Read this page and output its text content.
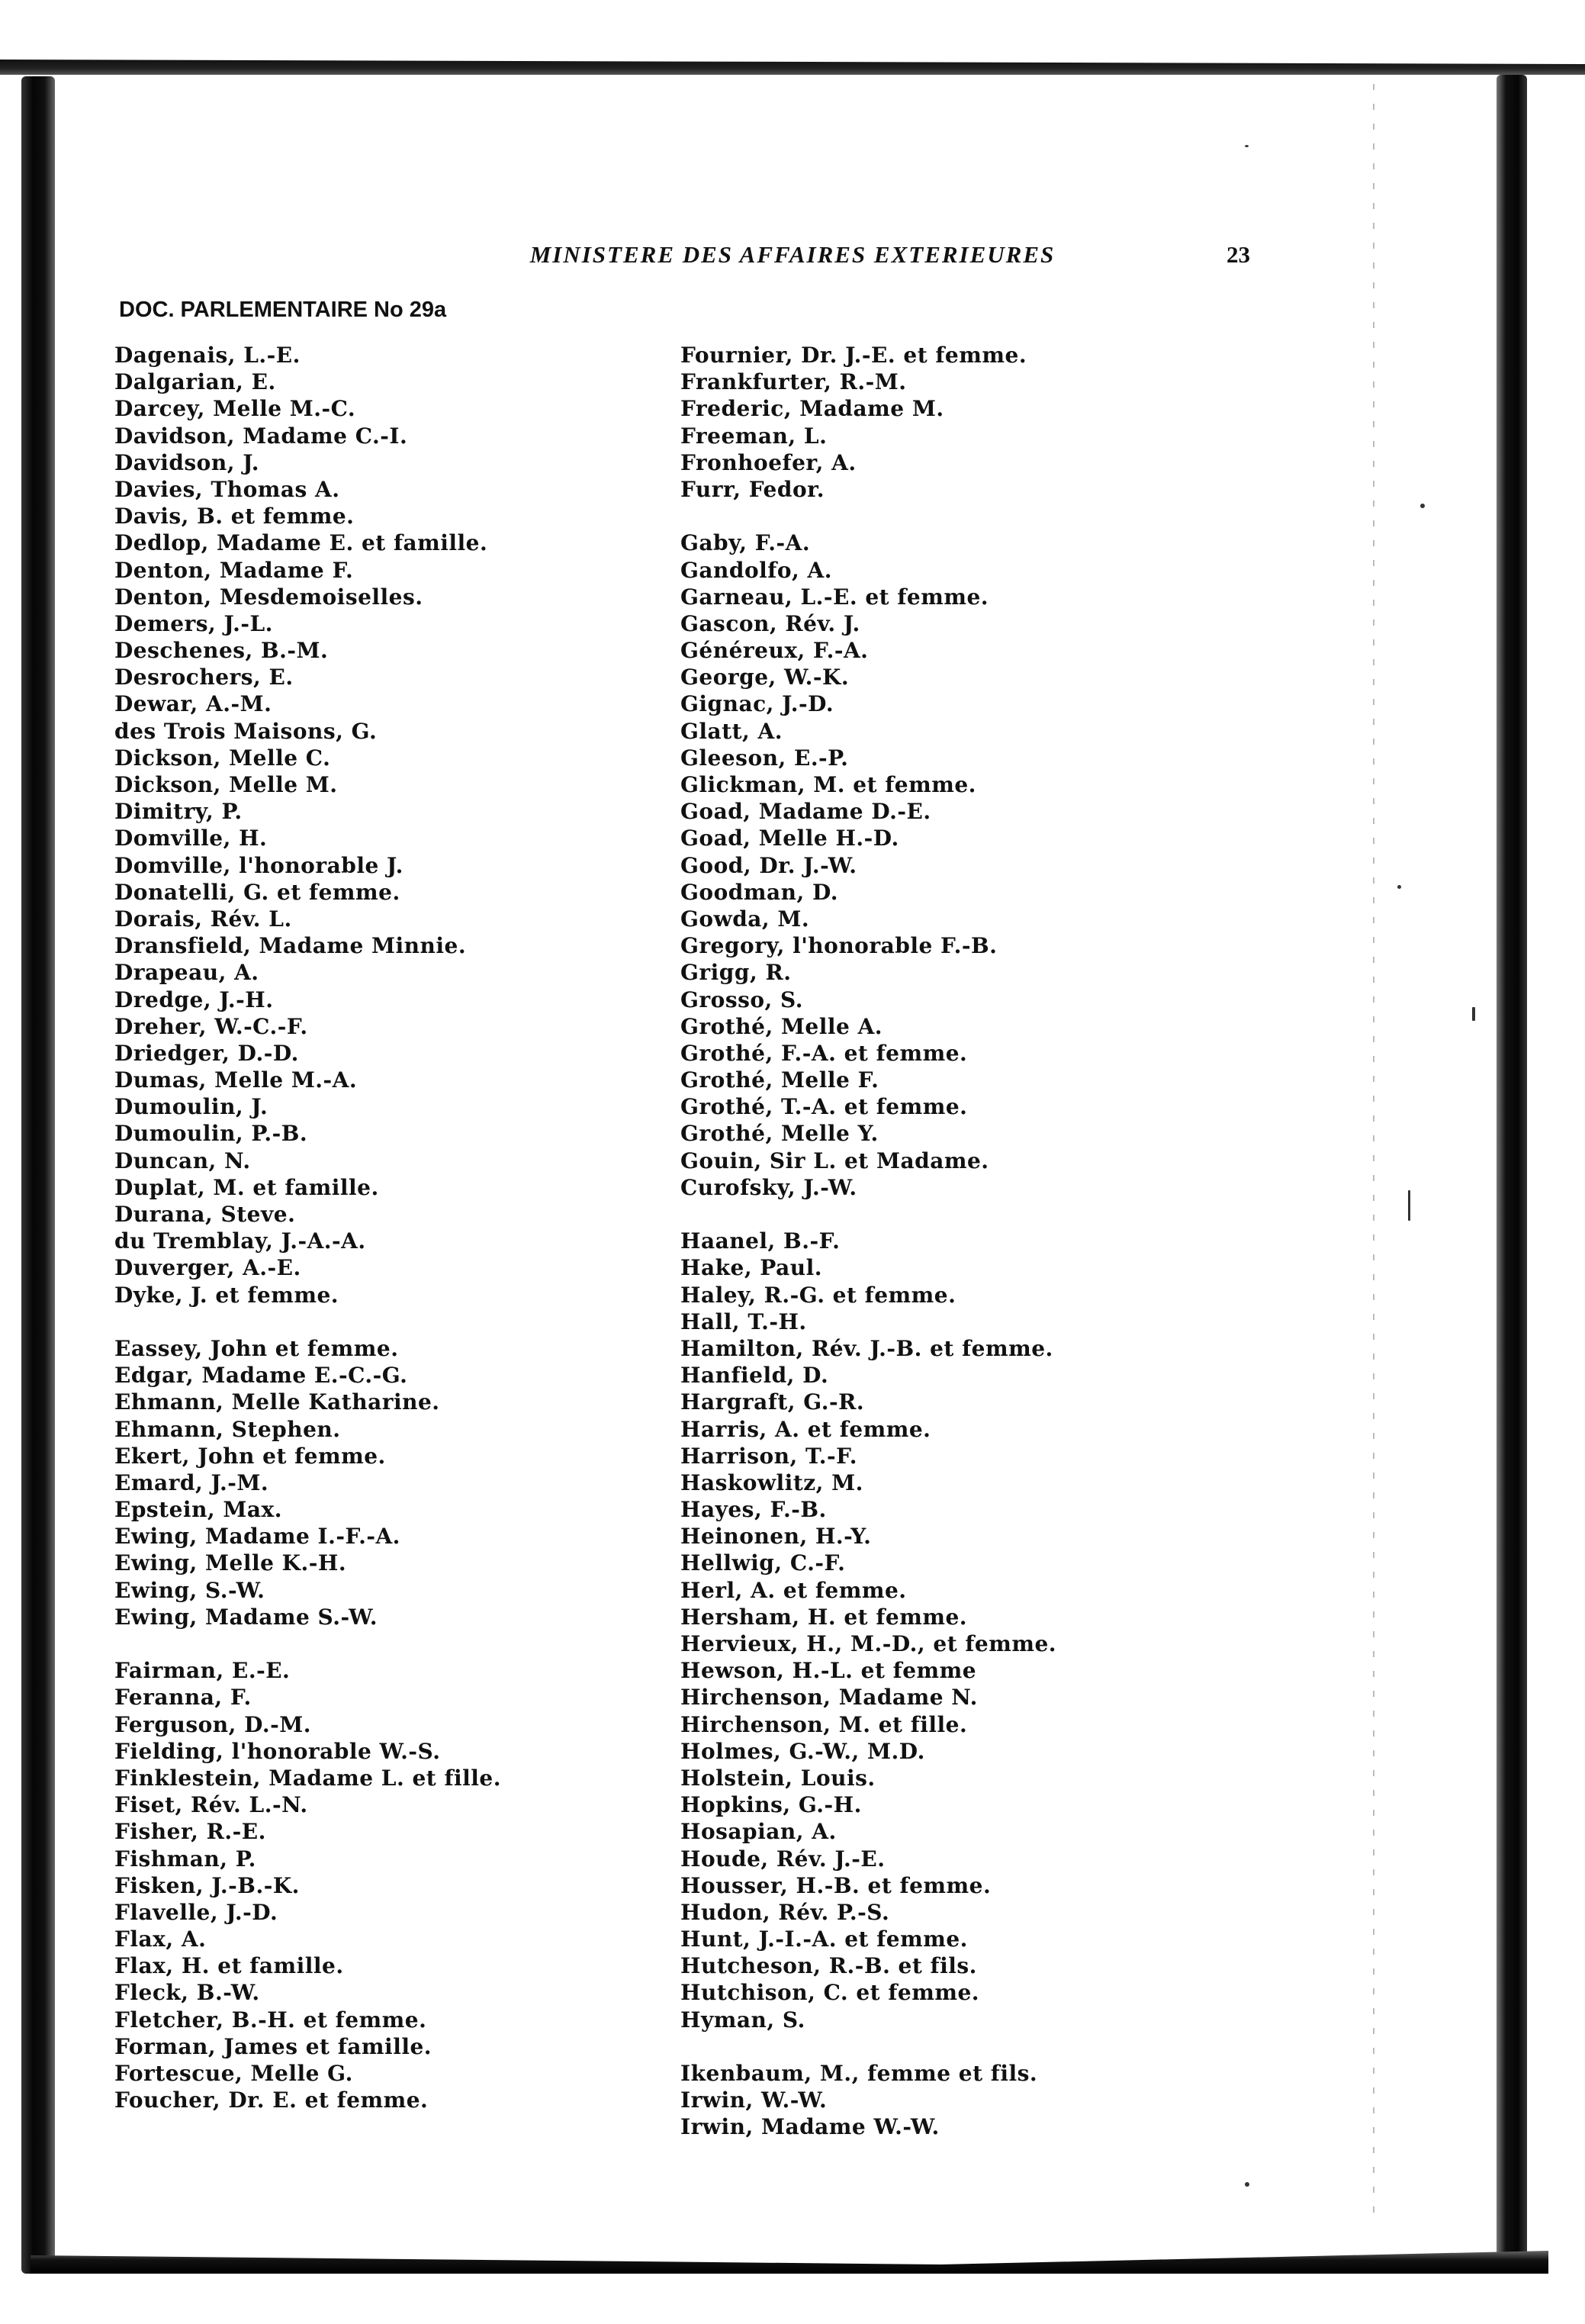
MINISTERE DES AFFAIRES EXTERIEURES	23
DOC. PARLEMENTAIRE No 29a
Dagenais, L.-E.
Dalgarian, E.
Darcey, Melle M.-C.
Davidson, Madame C.-I.
Davidson, J.
Davies, Thomas A.
Davis, B. et femme.
Dedlop, Madame E. et famille.
Denton, Madame F.
Denton, Mesdemoiselles.
Demers, J.-L.
Deschenes, B.-M.
Desrochers, E.
Dewar, A.-M.
des Trois Maisons, G.
Dickson, Melle C.
Dickson, Melle M.
Dimitry, P.
Domville, H.
Domville, l'honorable J.
Donatelli, G. et femme.
Dorais, Rév. L.
Dransfield, Madame Minnie.
Drapeau, A.
Dredge, J.-H.
Dreher, W.-C.-F.
Driedger, D.-D.
Dumas, Melle M.-A.
Dumoulin, J.
Dumoulin, P.-B.
Duncan, N.
Duplat, M. et famille.
Durana, Steve.
du Tremblay, J.-A.-A.
Duverger, A.-E.
Dyke, J. et femme.
Eassey, John et femme.
Edgar, Madame E.-C.-G.
Ehmann, Melle Katharine.
Ehmann, Stephen.
Ekert, John et femme.
Emard, J.-M.
Epstein, Max.
Ewing, Madame I.-F.-A.
Ewing, Melle K.-H.
Ewing, S.-W.
Ewing, Madame S.-W.
Fairman, E.-E.
Feranna, F.
Ferguson, D.-M.
Fielding, l'honorable W.-S.
Finklestein, Madame L. et fille.
Fiset, Rév. L.-N.
Fisher, R.-E.
Fishman, P.
Fisken, J.-B.-K.
Flavelle, J.-D.
Flax, A.
Flax, H. et famille.
Fleck, B.-W.
Fletcher, B.-H. et femme.
Forman, James et famille.
Fortescue, Melle G.
Foucher, Dr. E. et femme.
Fournier, Dr. J.-E. et femme.
Frankfurter, R.-M.
Frederic, Madame M.
Freeman, L.
Fronhoefer, A.
Furr, Fedor.
Gaby, F.-A.
Gandolfo, A.
Garneau, L.-E. et femme.
Gascon, Rév. J.
Généreux, F.-A.
George, W.-K.
Gignac, J.-D.
Glatt, A.
Gleeson, E.-P.
Glickman, M. et femme.
Goad, Madame D.-E.
Goad, Melle H.-D.
Good, Dr. J.-W.
Goodman, D.
Gowda, M.
Gregory, l'honorable F.-B.
Grigg, R.
Grosso, S.
Grothé, Melle A.
Grothé, F.-A. et femme.
Grothé, Melle F.
Grothé, T.-A. et femme.
Grothé, Melle Y.
Gouin, Sir L. et Madame.
Curofsky, J.-W.
Haanel, B.-F.
Hake, Paul.
Haley, R.-G. et femme.
Hall, T.-H.
Hamilton, Rév. J.-B. et femme.
Hanfield, D.
Hargraft, G.-R.
Harris, A. et femme.
Harrison, T.-F.
Haskowlitz, M.
Hayes, F.-B.
Heinonen, H.-Y.
Hellwig, C.-F.
Herl, A. et femme.
Hersham, H. et femme.
Hervieux, H., M.-D., et femme.
Hewson, H.-L. et femme
Hirchenson, Madame N.
Hirchenson, M. et fille.
Holmes, G.-W., M.D.
Holstein, Louis.
Hopkins, G.-H.
Hosapian, A.
Houde, Rév. J.-E.
Housser, H.-B. et femme.
Hudon, Rév. P.-S.
Hunt, J.-I.-A. et femme.
Hutcheson, R.-B. et fils.
Hutchison, C. et femme.
Hyman, S.
Ikenbaum, M., femme et fils.
Irwin, W.-W.
Irwin, Madame W.-W.
